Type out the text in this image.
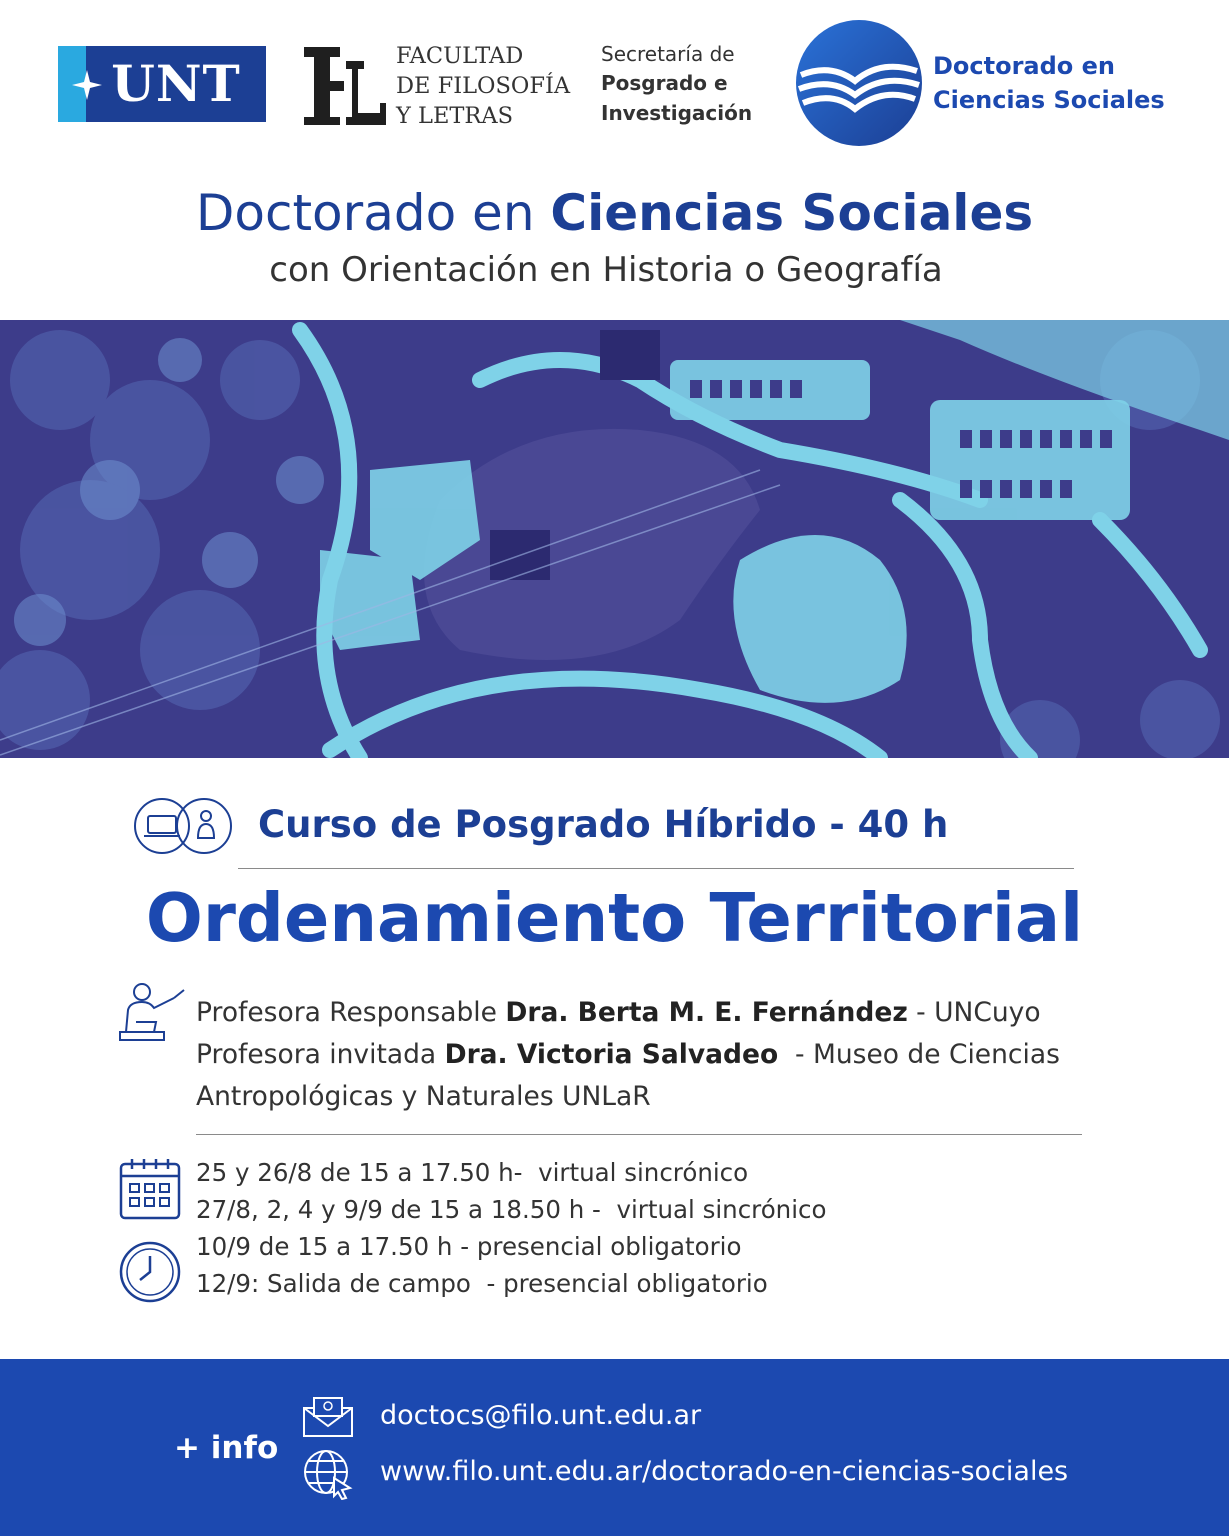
UNT	FACULTAD
DE FILOSOFÍA
Y LETRAS
Secretaría de
Posgrado e
Investigación
Doctorado en
Ciencias Sociales
Doctorado en Ciencias Sociales
con Orientación en Historia o Geografía
Curso de Posgrado Híbrido - 40 h
Ordenamiento Territorial
Profesora Responsable Dra. Berta M. E. Fernández - UNCuyo
Profesora invitada Dra. Victoria Salvadeo  - Museo de Ciencias
Antropológicas y Naturales UNLaR
25 y 26/8 de 15 a 17.50 h-  virtual sincrónico
27/8, 2, 4 y 9/9 de 15 a 18.50 h -  virtual sincrónico
10/9 de 15 a 17.50 h - presencial obligatorio
12/9: Salida de campo  - presencial obligatorio
+ info
doctocs@filo.unt.edu.ar
www.filo.unt.edu.ar/doctorado-en-ciencias-sociales
